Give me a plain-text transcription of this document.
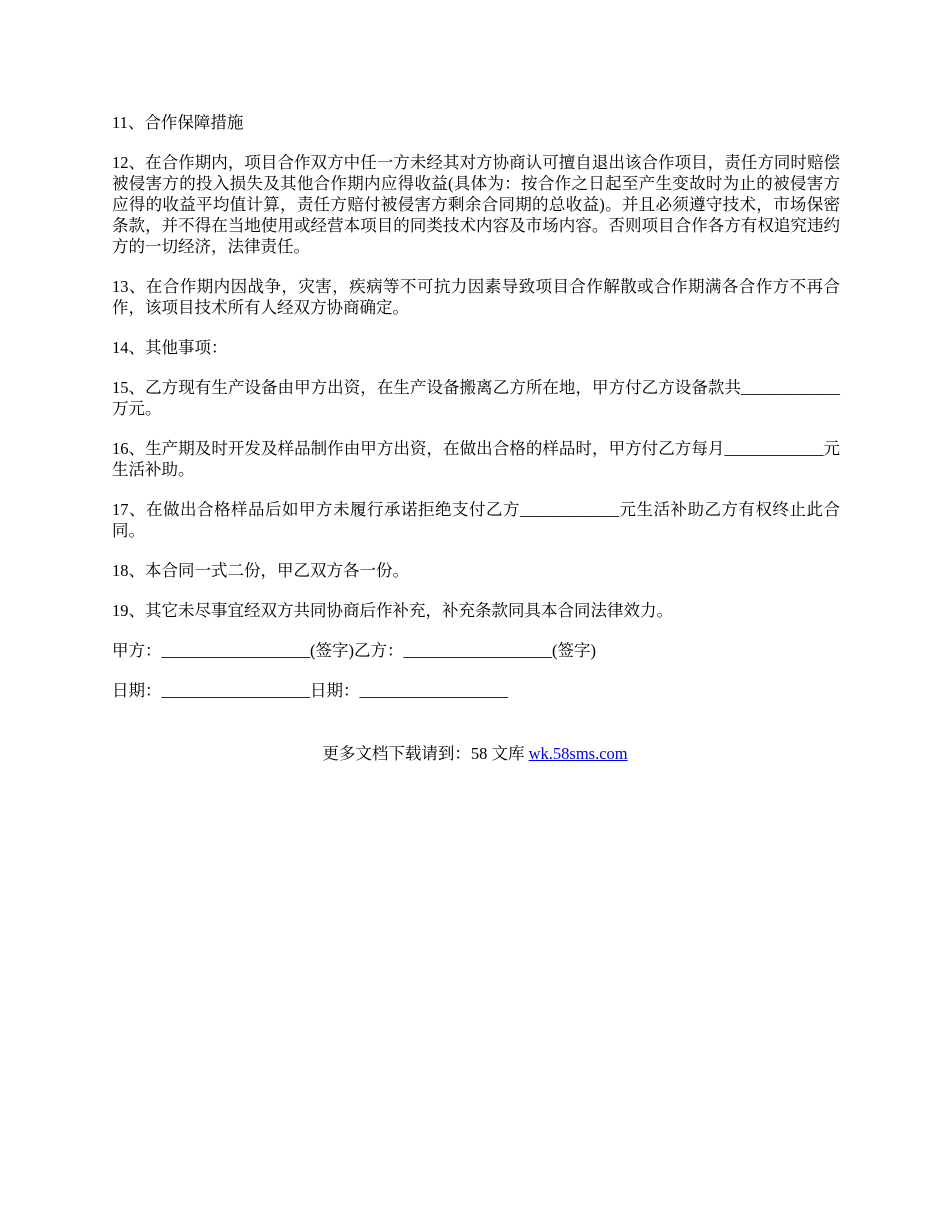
11、合作保障措施

12、在合作期内，项目合作双方中任一方未经其对方协商认可擅自退出该合作项目，责任方同时赔偿被侵害方的投入损失及其他合作期内应得收益(具体为：按合作之日起至产生变故时为止的被侵害方应得的收益平均值计算，责任方赔付被侵害方剩余合同期的总收益)。并且必须遵守技术，市场保密条款，并不得在当地使用或经营本项目的同类技术内容及市场内容。否则项目合作各方有权追究违约方的一切经济，法律责任。

13、在合作期内因战争，灾害，疾病等不可抗力因素导致项目合作解散或合作期满各合作方不再合作，该项目技术所有人经双方协商确定。

14、其他事项：

15、乙方现有生产设备由甲方出资，在生产设备搬离乙方所在地，甲方付乙方设备款共____________万元。

16、生产期及时开发及样品制作由甲方出资，在做出合格的样品时，甲方付乙方每月____________元生活补助。

17、在做出合格样品后如甲方未履行承诺拒绝支付乙方____________元生活补助乙方有权终止此合同。

18、本合同一式二份，甲乙双方各一份。

19、其它未尽事宜经双方共同协商后作补充，补充条款同具本合同法律效力。

甲方：__________________(签字)乙方：__________________(签字)

日期：__________________日期：__________________

更多文档下载请到：58 文库 wk.58sms.com
